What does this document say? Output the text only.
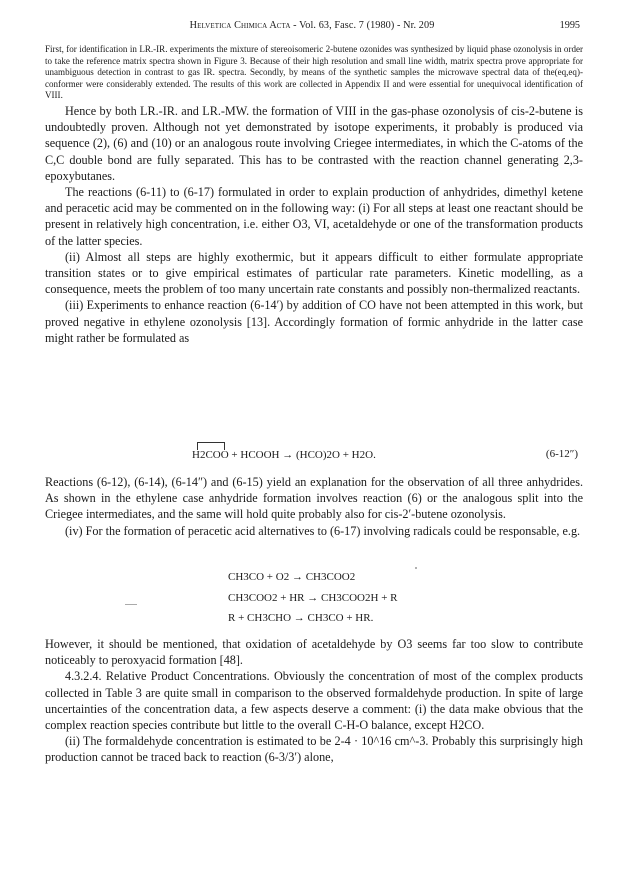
Helvetica Chimica Acta - Vol. 63, Fasc. 7 (1980) - Nr. 209	1995

First, for identification in LR.-IR. experiments the mixture of stereoisomeric 2-butene ozonides was synthesized by liquid phase ozonolysis in order to take the reference matrix spectra shown in Figure 3. Because of their high resolution and small line width, matrix spectra prove appropriate for unambiguous detection in contrast to gas IR. spectra. Secondly, by means of the synthetic samples the microwave spectral data of the(eq,eq)-conformer were considerably extended. The results of this work are collected in Appendix II and were essential for unequivocal identification of VIII.

Hence by both LR.-IR. and LR.-MW. the formation of VIII in the gas-phase ozonolysis of cis-2-butene is undoubtedly proven. Although not yet demonstrated by isotope experiments, it probably is produced via sequence (2), (6) and (10) or an analogous route involving Criegee intermediates, in which the C-atoms of the C,C double bond are fully separated. This has to be contrasted with the reaction channel generating 2,3-epoxybutanes.

The reactions (6-11) to (6-17) formulated in order to explain production of anhydrides, dimethyl ketene and peracetic acid may be commented on in the following way: (i) For all steps at least one reactant should be present in relatively high concentration, i.e. either O3, VI, acetaldehyde or one of the transformation products of the latter species.

(ii) Almost all steps are highly exothermic, but it appears difficult to either formulate appropriate transition states or to give empirical estimates of particular rate parameters. Kinetic modelling, as a consequence, meets the problem of too many uncertain rate constants and possibly non-thermalized reactants.

(iii) Experiments to enhance reaction (6-14′) by addition of CO have not been attempted in this work, but proved negative in ethylene ozonolysis [13]. Accordingly formation of formic anhydride in the latter case might rather be formulated as

H2COO + HCOOH → (HCO)2O + H2O.	(6-12″)

Reactions (6-12), (6-14), (6-14″) and (6-15) yield an explanation for the observation of all three anhydrides. As shown in the ethylene case anhydride formation involves reaction (6) or the analogous split into the Criegee intermediates, and the same will hold quite probably also for cis-2′-butene ozonolysis.

(iv) For the formation of peracetic acid alternatives to (6-17) involving radicals could be responsable, e.g.

CH3CO + O2 → CH3COO2
CH3COO2 + HR → CH3COO2H + R
R + CH3CHO → CH3CO + HR.

However, it should be mentioned, that oxidation of acetaldehyde by O3 seems far too slow to contribute noticeably to peroxyacid formation [48].

4.3.2.4. Relative Product Concentrations. Obviously the concentration of most of the complex products collected in Table 3 are quite small in comparison to the observed formaldehyde production. In spite of large uncertainties of the concentration data, a few aspects deserve a comment: (i) the data make obvious that the complex reaction species contribute but little to the overall C-H-O balance, except H2CO.

(ii) The formaldehyde concentration is estimated to be 2-4 · 10^16 cm^-3. Probably this surprisingly high production cannot be traced back to reaction (6-3/3′) alone,
